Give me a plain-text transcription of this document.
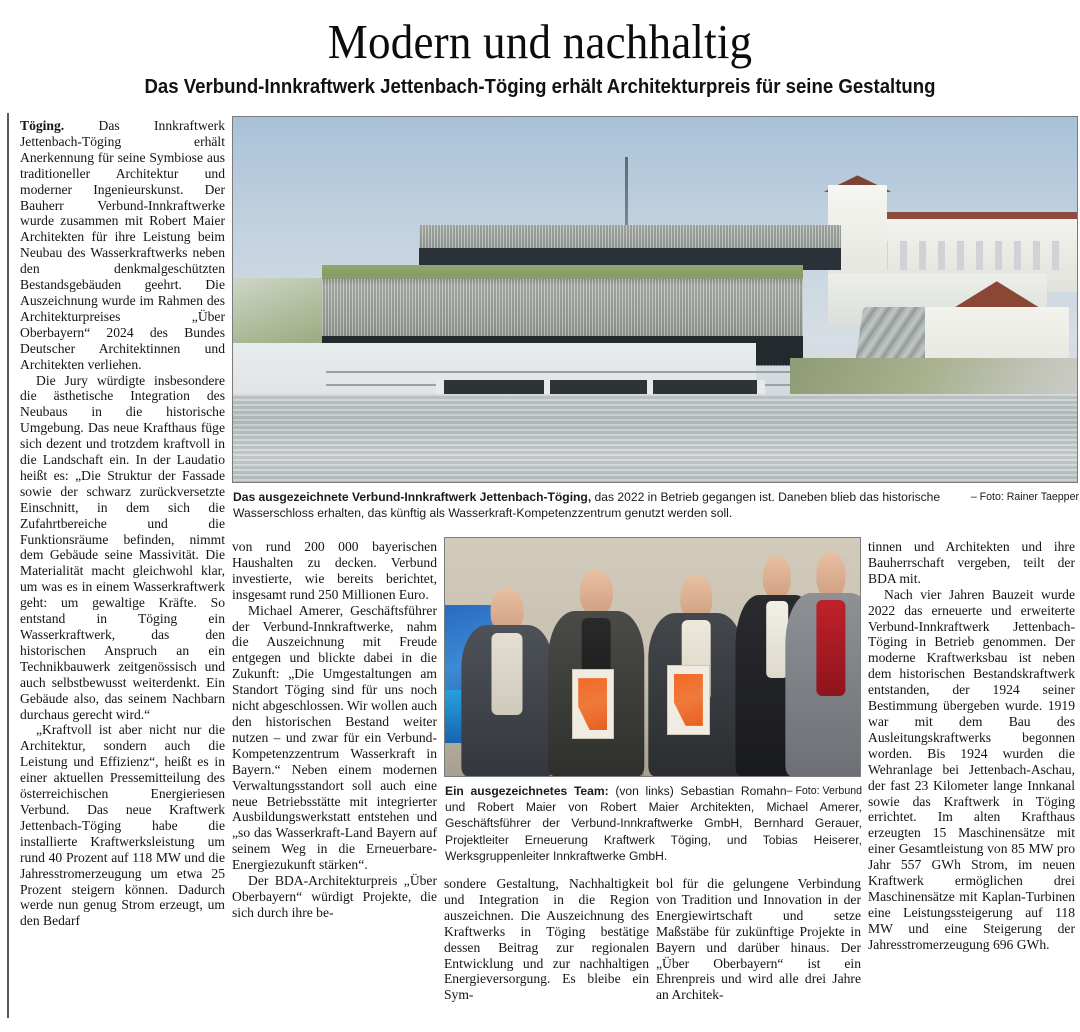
Modern und nachhaltig
Das Verbund-Innkraftwerk Jettenbach-Töging erhält Architekturpreis für seine Gestaltung
– Foto: Rainer Taepper
Das ausgezeichnete Verbund-Innkraftwerk Jettenbach-Töging, das 2022 in Betrieb gegangen ist. Daneben blieb das historische Wasserschloss erhalten, das künftig als Wasserkraft-Kompetenzzentrum genutzt werden soll.
– Foto: Verbund
Ein ausgezeichnetes Team: (von links) Sebastian Romahn und Robert Maier von Robert Maier Architekten, Michael Amerer, Geschäftsführer der Verbund-Innkraftwerke GmbH, Bernhard Gerauer, Projektleiter Erneuerung Kraftwerk Töging, und Tobias Heiserer, Werksgruppenleiter Innkraftwerke GmbH.

Töging. Das Innkraftwerk Jettenbach-Töging erhält Anerkennung für seine Symbiose aus traditioneller Architektur und moderner Ingenieurskunst. Der Bauherr Verbund-Innkraftwerke wurde zusammen mit Robert Maier Architekten für ihre Leistung beim Neubau des Wasserkraftwerks neben den denkmalgeschützten Bestandsgebäuden geehrt. Die Auszeichnung wurde im Rahmen des Architekturpreises „Über Oberbayern“ 2024 des Bundes Deutscher Architektinnen und Architekten verliehen.

Die Jury würdigte insbesondere die ästhetische Integration des Neubaus in die historische Umgebung. Das neue Krafthaus füge sich dezent und trotzdem kraftvoll in die Landschaft ein. In der Laudatio heißt es: „Die Struktur der Fassade sowie der schwarz zurückversetzte Einschnitt, in dem sich die Zufahrtbereiche und die Funktionsräume befinden, nimmt dem Gebäude seine Massivität. Die Materialität macht gleichwohl klar, um was es in einem Wasserkraftwerk geht: um gewaltige Kräfte. So entstand in Töging ein Wasserkraftwerk, das den historischen Anspruch an ein Technikbauwerk zeitgenössisch und auch selbstbewusst weiterdenkt. Ein Gebäude also, das seinem Nachbarn durchaus gerecht wird.“

„Kraftvoll ist aber nicht nur die Architektur, sondern auch die Leistung und Effizienz“, heißt es in einer aktuellen Pressemitteilung des österreichischen Energieriesen Verbund. Das neue Kraftwerk Jettenbach-Töging habe die installierte Kraftwerksleistung um rund 40 Prozent auf 118 MW und die Jahresstromerzeugung um etwa 25 Prozent steigern können. Dadurch werde nun genug Strom erzeugt, um den Bedarf

von rund 200 000 bayerischen Haushalten zu decken. Verbund investierte, wie bereits berichtet, insgesamt rund 250 Millionen Euro.

Michael Amerer, Geschäftsführer der Verbund-Innkraftwerke, nahm die Auszeichnung mit Freude entgegen und blickte dabei in die Zukunft: „Die Umgestaltungen am Standort Töging sind für uns noch nicht abgeschlossen. Wir wollen auch den historischen Bestand weiter nutzen – und zwar für ein Verbund-Kompetenzzentrum Wasserkraft in Bayern.“ Neben einem modernen Verwaltungsstandort soll auch eine neue Betriebsstätte mit integrierter Ausbildungswerkstatt entstehen und „so das Wasserkraft-Land Bayern auf seinem Weg in die Erneuerbare-Energiezukunft stärken“.

Der BDA-Architekturpreis „Über Oberbayern“ würdigt Projekte, die sich durch ihre be-

sondere Gestaltung, Nachhaltigkeit und Integration in die Region auszeichnen. Die Auszeichnung des Kraftwerks in Töging bestätige dessen Beitrag zur regionalen Entwicklung und zur nachhaltigen Energieversorgung. Es bleibe ein Sym-

bol für die gelungene Verbindung von Tradition und Innovation in der Energiewirtschaft und setze Maßstäbe für zukünftige Projekte in Bayern und darüber hinaus. Der „Über Oberbayern“ ist ein Ehrenpreis und wird alle drei Jahre an Architek-

tinnen und Architekten und ihre Bauherrschaft vergeben, teilt der BDA mit.

Nach vier Jahren Bauzeit wurde 2022 das erneuerte und erweiterte Verbund-Innkraftwerk Jettenbach-Töging in Betrieb genommen. Der moderne Kraftwerksbau ist neben dem historischen Bestandskraftwerk entstanden, der 1924 seiner Bestimmung übergeben wurde. 1919 war mit dem Bau des Ausleitungskraftwerks begonnen worden. Bis 1924 wurden die Wehranlage bei Jettenbach-Aschau, der fast 23 Kilometer lange Innkanal sowie das Kraftwerk in Töging errichtet. Im alten Krafthaus erzeugten 15 Maschinensätze mit einer Gesamtleistung von 85 MW pro Jahr 557 GWh Strom, im neuen Kraftwerk ermöglichen drei Maschinensätze mit Kaplan-Turbinen eine Leistungssteigerung auf 118 MW und eine Steigerung der Jahresstromerzeugung 696 GWh.
